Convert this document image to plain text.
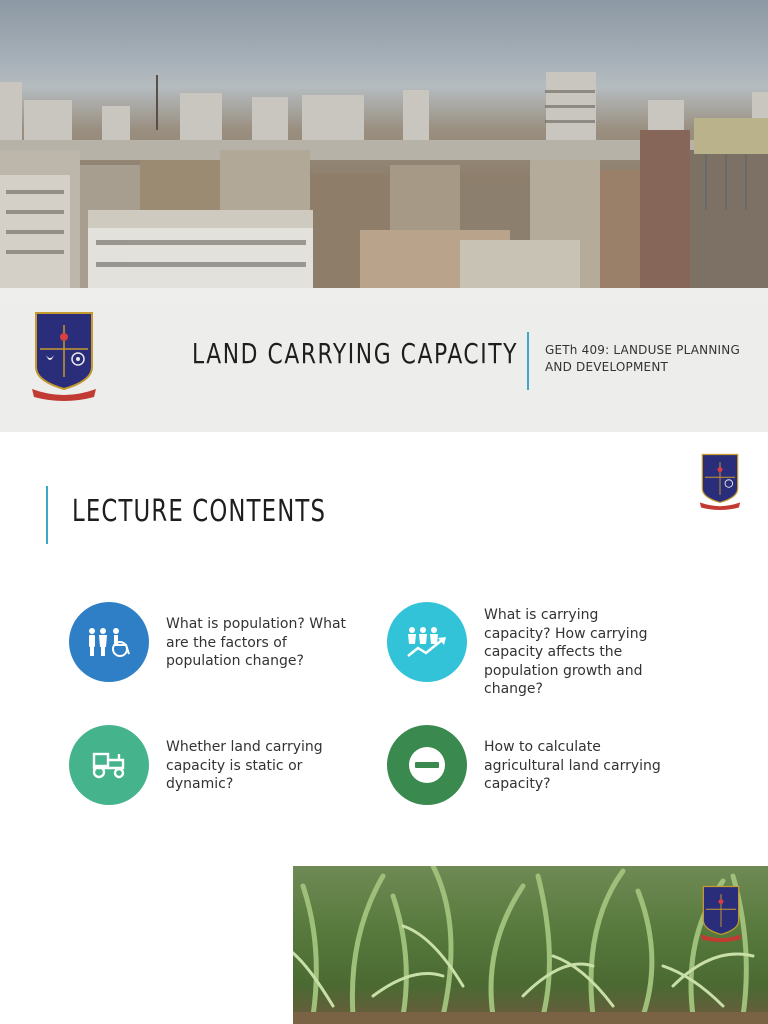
LAND CARRYING CAPACITY GETh 409: LANDUSE PLANNING
AND DEVELOPMENT
LECTURE CONTENTS
What is population? What are the factors of population change?
What is carrying capacity? How carrying capacity affects the population growth and change?
Whether land carrying capacity is static or dynamic?
How to calculate agricultural land carrying capacity?
